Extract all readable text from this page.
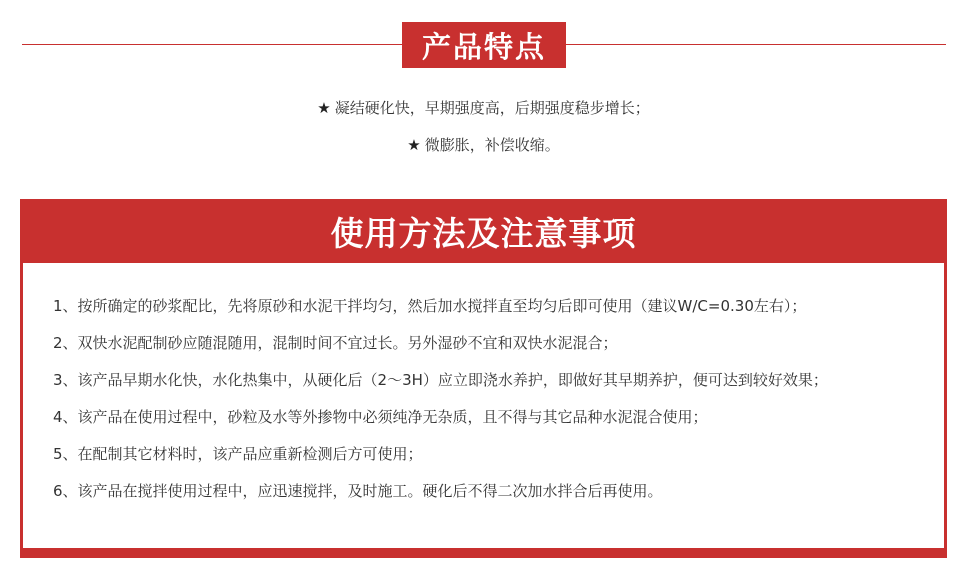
产品特点
★ 凝结硬化快，早期强度高，后期强度稳步增长；
★ 微膨胀，补偿收缩。
使用方法及注意事项
1、按所确定的砂浆配比，先将原砂和水泥干拌均匀，然后加水搅拌直至均匀后即可使用（建议W/C=0.30左右）；
2、双快水泥配制砂应随混随用，混制时间不宜过长。另外湿砂不宜和双快水泥混合；
3、该产品早期水化快，水化热集中，从硬化后（2～3H）应立即浇水养护，即做好其早期养护，便可达到较好效果；
4、该产品在使用过程中，砂粒及水等外掺物中必须纯净无杂质，且不得与其它品种水泥混合使用；
5、在配制其它材料时，该产品应重新检测后方可使用；
6、该产品在搅拌使用过程中，应迅速搅拌，及时施工。硬化后不得二次加水拌合后再使用。
